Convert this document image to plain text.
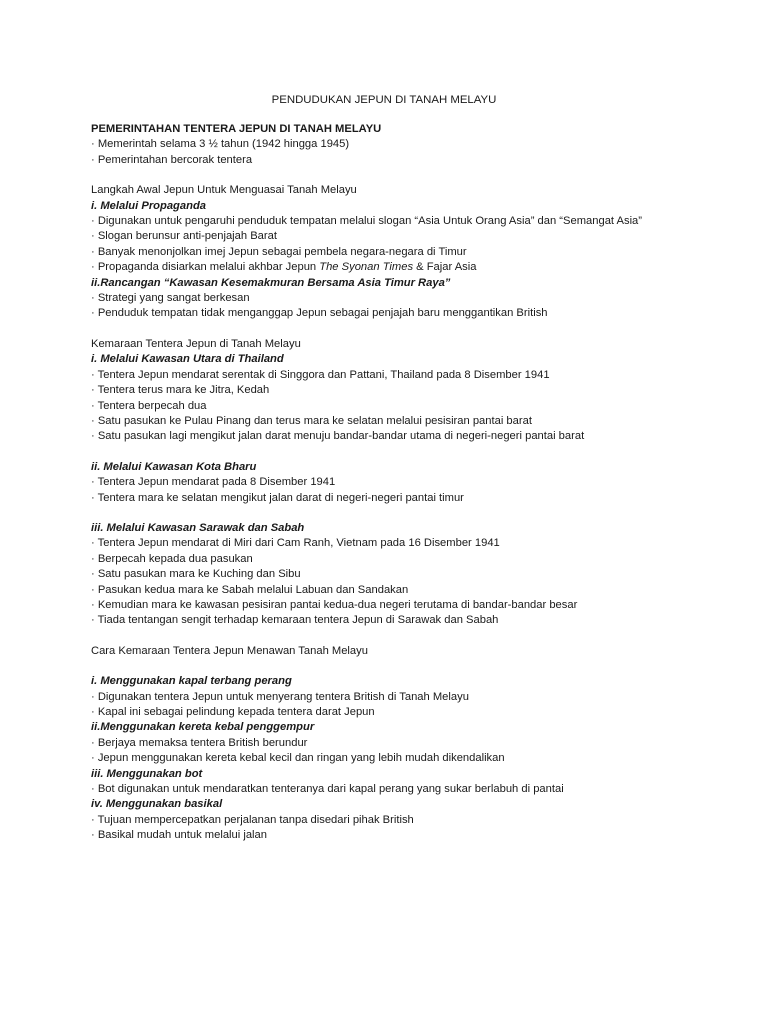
PENDUDUKAN JEPUN DI TANAH MELAYU
PEMERINTAHAN TENTERA JEPUN DI TANAH MELAYU
· Memerintah selama 3 ½ tahun (1942 hingga 1945)
· Pemerintahan bercorak tentera
Langkah Awal Jepun Untuk Menguasai Tanah Melayu
i. Melalui Propaganda
· Digunakan untuk pengaruhi penduduk tempatan melalui slogan “Asia Untuk Orang Asia” dan “Semangat Asia”
· Slogan berunsur anti-penjajah Barat
· Banyak menonjolkan imej Jepun sebagai pembela negara-negara di Timur
· Propaganda disiarkan melalui akhbar Jepun The Syonan Times & Fajar Asia
ii.Rancangan “Kawasan Kesemakmuran Bersama Asia Timur Raya”
· Strategi yang sangat berkesan
· Penduduk tempatan tidak menganggap Jepun sebagai penjajah baru menggantikan British
Kemaraan Tentera Jepun di Tanah Melayu
i. Melalui Kawasan Utara di Thailand
· Tentera Jepun mendarat serentak di Singgora dan Pattani, Thailand pada 8 Disember 1941
· Tentera terus mara ke Jitra, Kedah
· Tentera berpecah dua
· Satu pasukan ke Pulau Pinang dan terus mara ke selatan melalui pesisiran pantai barat
· Satu pasukan lagi mengikut jalan darat menuju bandar-bandar utama di negeri-negeri pantai barat
ii. Melalui Kawasan Kota Bharu
· Tentera Jepun mendarat pada 8 Disember 1941
· Tentera mara ke selatan mengikut jalan darat di negeri-negeri pantai timur
iii. Melalui Kawasan Sarawak dan Sabah
· Tentera Jepun mendarat di Miri dari Cam Ranh, Vietnam pada 16 Disember 1941
· Berpecah kepada dua pasukan
· Satu pasukan mara ke Kuching dan Sibu
· Pasukan kedua mara ke Sabah melalui Labuan dan Sandakan
· Kemudian mara ke kawasan pesisiran pantai kedua-dua negeri terutama di bandar-bandar besar
· Tiada tentangan sengit terhadap kemaraan tentera Jepun di Sarawak dan Sabah
Cara Kemaraan Tentera Jepun Menawan Tanah Melayu
i. Menggunakan kapal terbang perang
· Digunakan tentera Jepun untuk menyerang tentera British di Tanah Melayu
· Kapal ini sebagai pelindung kepada tentera darat Jepun
ii.Menggunakan kereta kebal penggempur
· Berjaya memaksa tentera British berundur
· Jepun menggunakan kereta kebal kecil dan ringan yang lebih mudah dikendalikan
iii. Menggunakan bot
· Bot digunakan untuk mendaratkan tenteranya dari kapal perang yang sukar berlabuh di pantai
iv. Menggunakan basikal
· Tujuan mempercepatkan perjalanan tanpa disedari pihak British
· Basikal mudah untuk melalui jalan
